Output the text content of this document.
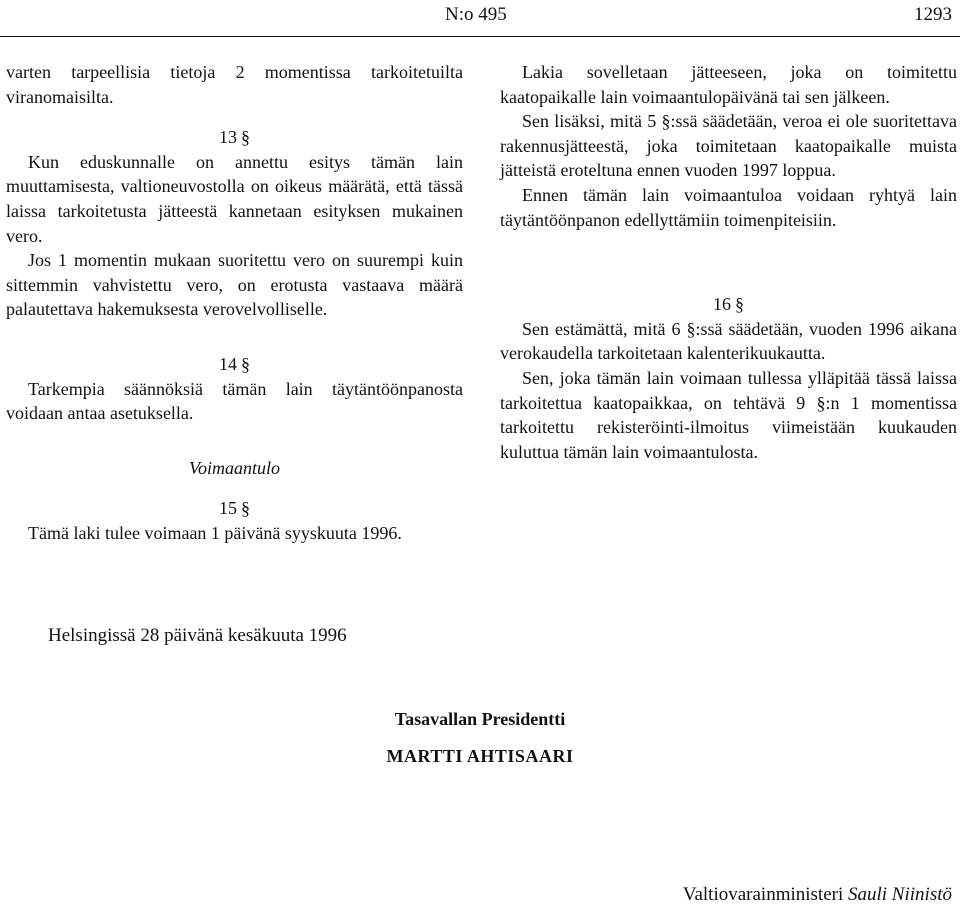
N:o 495	1293

varten tarpeellisia tietoja 2 momentissa tarkoitetuilta viranomaisilta.

13 §

Kun eduskunnalle on annettu esitys tämän lain muuttamisesta, valtioneuvostolla on oikeus määrätä, että tässä laissa tarkoitetusta jätteestä kannetaan esityksen mukainen vero.

Jos 1 momentin mukaan suoritettu vero on suurempi kuin sittemmin vahvistettu vero, on erotusta vastaava määrä palautettava hakemuksesta verovelvolliselle.

14 §

Tarkempia säännöksiä tämän lain täytäntöönpanosta voidaan antaa asetuksella.

Voimaantulo

15 §

Tämä laki tulee voimaan 1 päivänä syyskuuta 1996.

Lakia sovelletaan jätteeseen, joka on toimitettu kaatopaikalle lain voimaantulopäivänä tai sen jälkeen.

Sen lisäksi, mitä 5 §:ssä säädetään, veroa ei ole suoritettava rakennusjätteestä, joka toimitetaan kaatopaikalle muista jätteistä eroteltuna ennen vuoden 1997 loppua.

Ennen tämän lain voimaantuloa voidaan ryhtyä lain täytäntöönpanon edellyttämiin toimenpiteisiin.

16 §

Sen estämättä, mitä 6 §:ssä säädetään, vuoden 1996 aikana verokaudella tarkoitetaan kalenterikuukautta.

Sen, joka tämän lain voimaan tullessa ylläpitää tässä laissa tarkoitettua kaatopaikkaa, on tehtävä 9 §:n 1 momentissa tarkoitettu rekisteröinti-ilmoitus viimeistään kuukauden kuluttua tämän lain voimaantulosta.

Helsingissä 28 päivänä kesäkuuta 1996
Tasavallan Presidentti
MARTTI AHTISAARI
Valtiovarainministeri Sauli Niinistö
